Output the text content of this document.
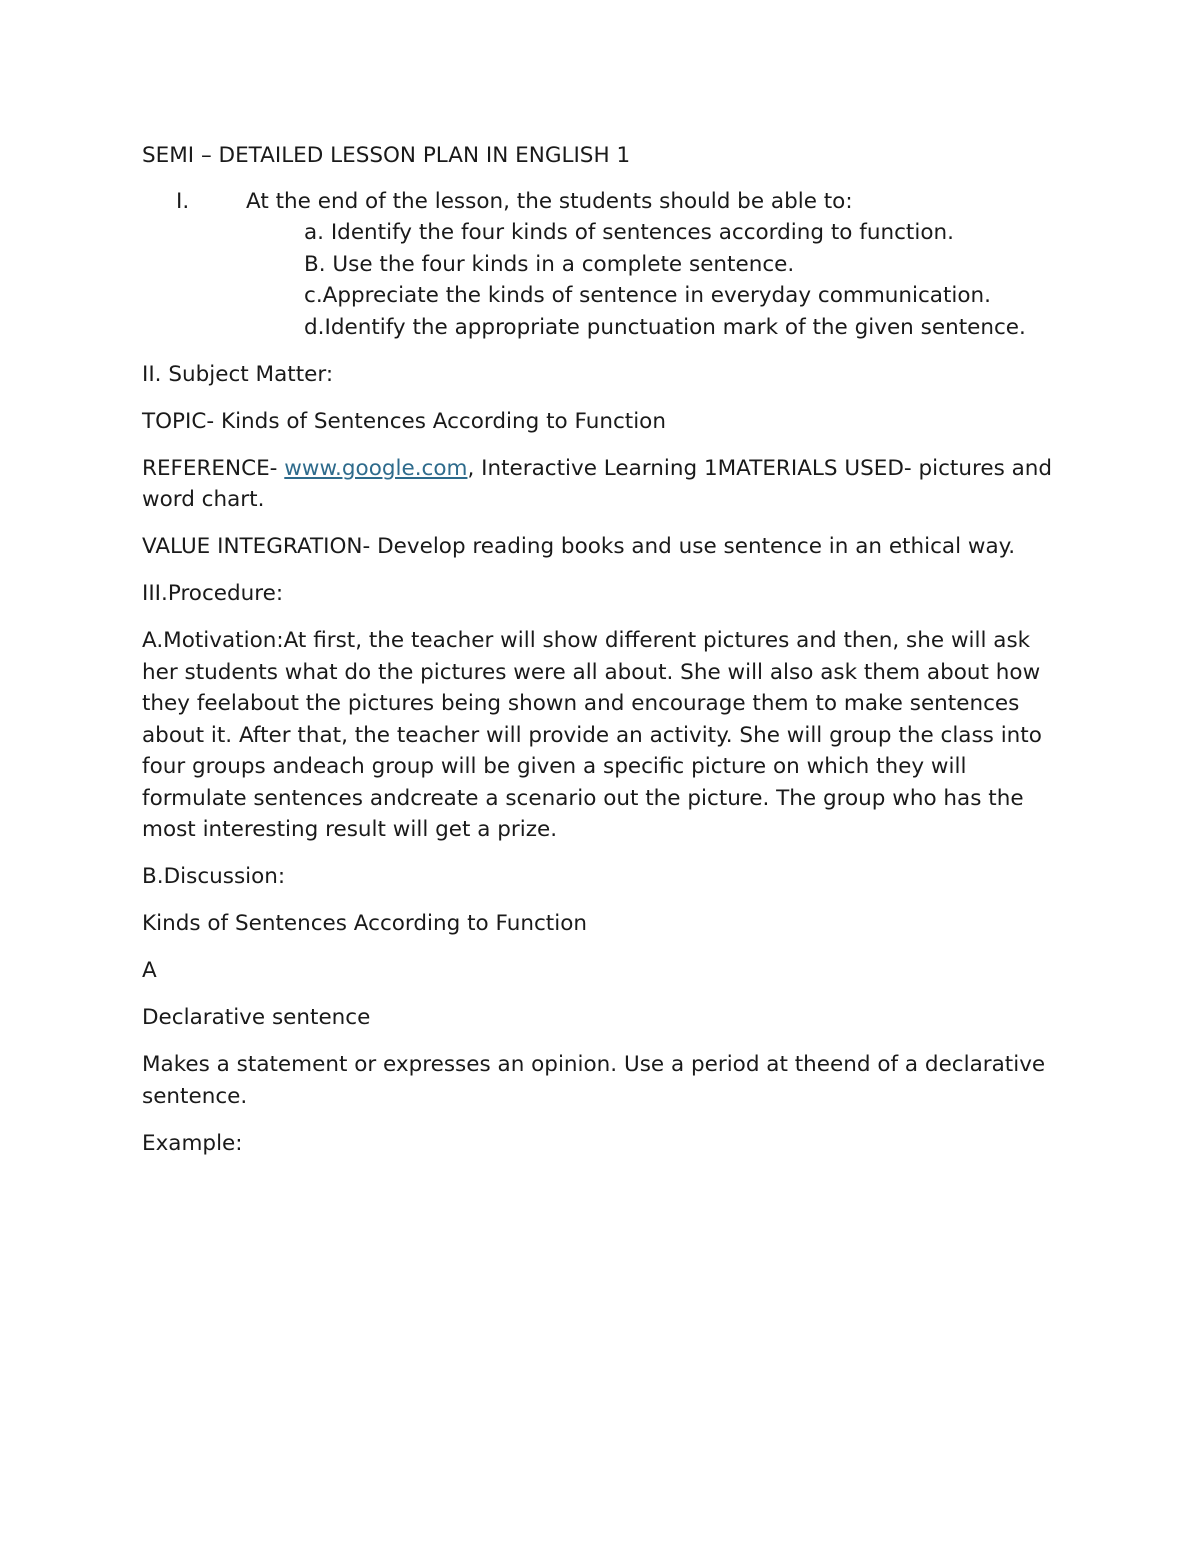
SEMI – DETAILED LESSON PLAN IN ENGLISH 1

I.	At the end of the lesson, the students should be able to:
a. Identify the four kinds of sentences according to function.
B. Use the four kinds in a complete sentence.
c.Appreciate the kinds of sentence in everyday communication.
d.Identify the appropriate punctuation mark of the given sentence.

II. Subject Matter:

TOPIC- Kinds of Sentences According to Function

REFERENCE- www.google.com, Interactive Learning 1MATERIALS USED- pictures and word chart.

VALUE INTEGRATION- Develop reading books and use sentence in an ethical way.

III.Procedure:

A.Motivation:At first, the teacher will show different pictures and then, she will ask her students what do the pictures were all about. She will also ask them about how they feelabout the pictures being shown and encourage them to make sentences about it. After that, the teacher will provide an activity. She will group the class into four groups andeach group will be given a specific picture on which they will formulate sentences andcreate a scenario out the picture. The group who has the most interesting result will get a prize.

B.Discussion:

Kinds of Sentences According to Function

A

Declarative sentence

Makes a statement or expresses an opinion. Use a period at theend of a declarative sentence.

Example:
